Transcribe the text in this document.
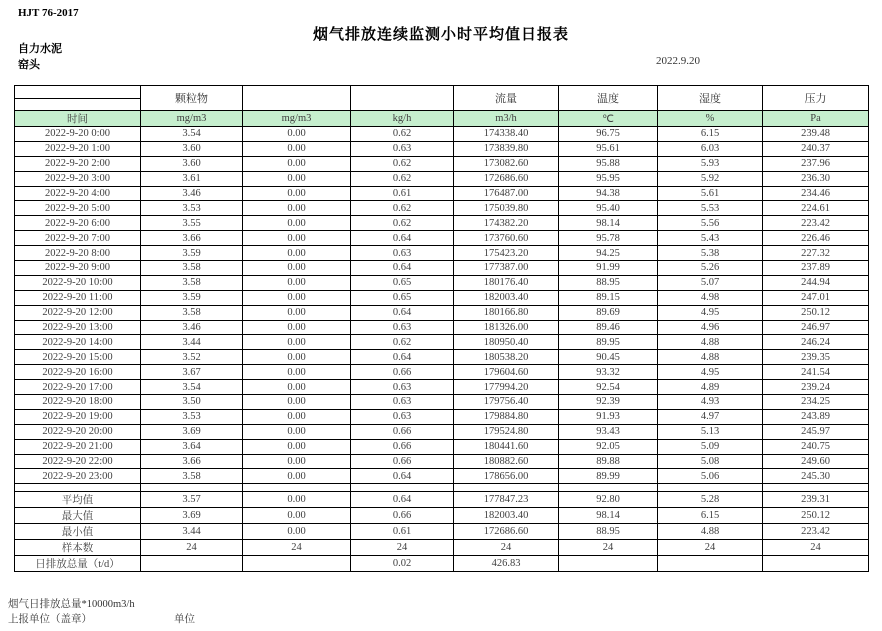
HJT 76-2017
烟气排放连续监测小时平均值日报表
自力水泥
窑头	2022.9.20
	颗粒物			流量	温度	湿度	压力
时间	mg/m3	mg/m3	kg/h	m3/h	℃	%	Pa
2022-9-20 0:00	3.54	0.00	0.62	174338.40	96.75	6.15	239.48
2022-9-20 1:00	3.60	0.00	0.63	173839.80	95.61	6.03	240.37
2022-9-20 2:00	3.60	0.00	0.62	173082.60	95.88	5.93	237.96
2022-9-20 3:00	3.61	0.00	0.62	172686.60	95.95	5.92	236.30
2022-9-20 4:00	3.46	0.00	0.61	176487.00	94.38	5.61	234.46
2022-9-20 5:00	3.53	0.00	0.62	175039.80	95.40	5.53	224.61
2022-9-20 6:00	3.55	0.00	0.62	174382.20	98.14	5.56	223.42
2022-9-20 7:00	3.66	0.00	0.64	173760.60	95.78	5.43	226.46
2022-9-20 8:00	3.59	0.00	0.63	175423.20	94.25	5.38	227.32
2022-9-20 9:00	3.58	0.00	0.64	177387.00	91.99	5.26	237.89
2022-9-20 10:00	3.58	0.00	0.65	180176.40	88.95	5.07	244.94
2022-9-20 11:00	3.59	0.00	0.65	182003.40	89.15	4.98	247.01
2022-9-20 12:00	3.58	0.00	0.64	180166.80	89.69	4.95	250.12
2022-9-20 13:00	3.46	0.00	0.63	181326.00	89.46	4.96	246.97
2022-9-20 14:00	3.44	0.00	0.62	180950.40	89.95	4.88	246.24
2022-9-20 15:00	3.52	0.00	0.64	180538.20	90.45	4.88	239.35
2022-9-20 16:00	3.67	0.00	0.66	179604.60	93.32	4.95	241.54
2022-9-20 17:00	3.54	0.00	0.63	177994.20	92.54	4.89	239.24
2022-9-20 18:00	3.50	0.00	0.63	179756.40	92.39	4.93	234.25
2022-9-20 19:00	3.53	0.00	0.63	179884.80	91.93	4.97	243.89
2022-9-20 20:00	3.69	0.00	0.66	179524.80	93.43	5.13	245.97
2022-9-20 21:00	3.64	0.00	0.66	180441.60	92.05	5.09	240.75
2022-9-20 22:00	3.66	0.00	0.66	180882.60	89.88	5.08	249.60
2022-9-20 23:00	3.58	0.00	0.64	178656.00	89.99	5.06	245.30

平均值	3.57	0.00	0.64	177847.23	92.80	5.28	239.31
最大值	3.69	0.00	0.66	182003.40	98.14	6.15	250.12
最小值	3.44	0.00	0.61	172686.60	88.95	4.88	223.42
样本数	24	24	24	24	24	24	24
日排放总量（t/d）			0.02	426.83			
烟气日排放总量*10000m3/h
上报单位（盖章）	单位
